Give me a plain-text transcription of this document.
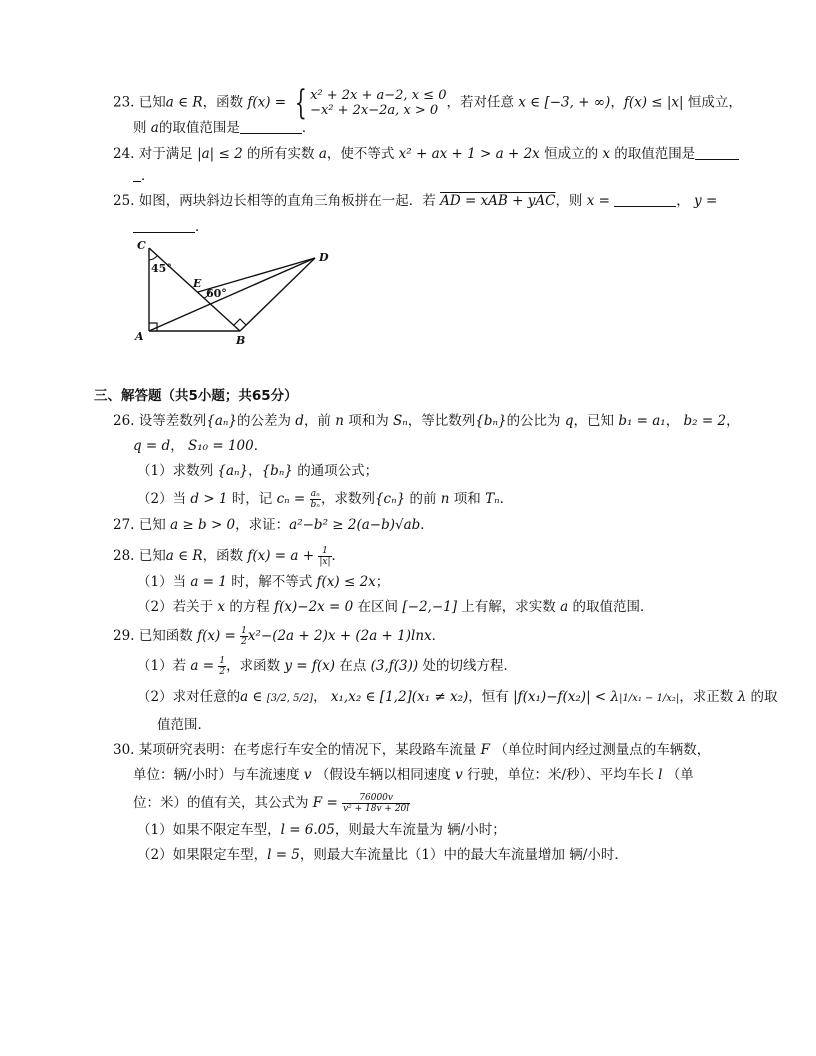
23. 已知a ∈ R，函数 f(x) = { x² + 2x + a−2, x ≤ 0
−x² + 2x−2a, x > 0 ，若对任意 x ∈ [−3, + ∞)，f(x) ≤ |x| 恒成立，
则 a的取值范围是	．
24. 对于满足 |a| ≤ 2 的所有实数 a，使不等式 x² + ax + 1 > a + 2x 恒成立的 x 的取值范围是
．
25. 如图，两块斜边长相等的直角三角板拼在一起．若 AD = xAB + yAC，则 x =	， y =
．
C
A	B
D
E
45°
60°
三、解答题（共5小题；共65分）
26. 设等差数列{aₙ}的公差为 d，前 n 项和为 Sₙ，等比数列{bₙ}的公比为 q，已知 b₁ = a₁， b₂ = 2，
q = d， S₁₀ = 100．
（1）求数列 {aₙ}，{bₙ} 的通项公式；
（2）当 d > 1 时，记 $c_n = \frac{\text{aₙ}}{\text{bₙ}}$ ，求数列{cₙ} 的前 n 项和 Tₙ．
27. 已知 a ≥ b > 0，求证：a²−b² ≥ 2(a−b)√ab．
28. 已知a ∈ R，函数 $f(x) = a + \frac{1}{|x|}$ ．
（1）当 a = 1 时，解不等式 f(x) ≤ 2x；
（2）若关于 x 的方程 f(x)−2x = 0 在区间 [−2,−1] 上有解，求实数 a 的取值范围．
29. 已知函数 $f(x) = \frac{1}{2} x^2-(2a + 2)x + (2a + 1)\ln x$．
（1）若 $a = \frac{1}{2}$ ，求函数 y = f(x) 在点 (3,f(3)) 处的切线方程．
（2）求对任意的a ∈ [3/2, 5/2]， x₁,x₂ ∈ [1,2](x₁ ≠ x₂)，恒有 |f(x₁)−f(x₂)| < λ|1/x₁ − 1/x₂|，求正数 λ 的取
值范围．
30. 某项研究表明：在考虑行车安全的情况下，某段路车流量 F （单位时间内经过测量点的车辆数，
单位：辆/小时）与车流速度 v （假设车辆以相同速度 v 行驶，单位：米/秒）、平均车长 l （单
位：米）的值有关，其公式为 $F = \frac{76000v}{\text{v² + 18v + 20l}}$
（1）如果不限定车型，l = 6.05，则最大车流量为 辆/小时；
（2）如果限定车型，l = 5，则最大车流量比（1）中的最大车流量增加 辆/小时．
